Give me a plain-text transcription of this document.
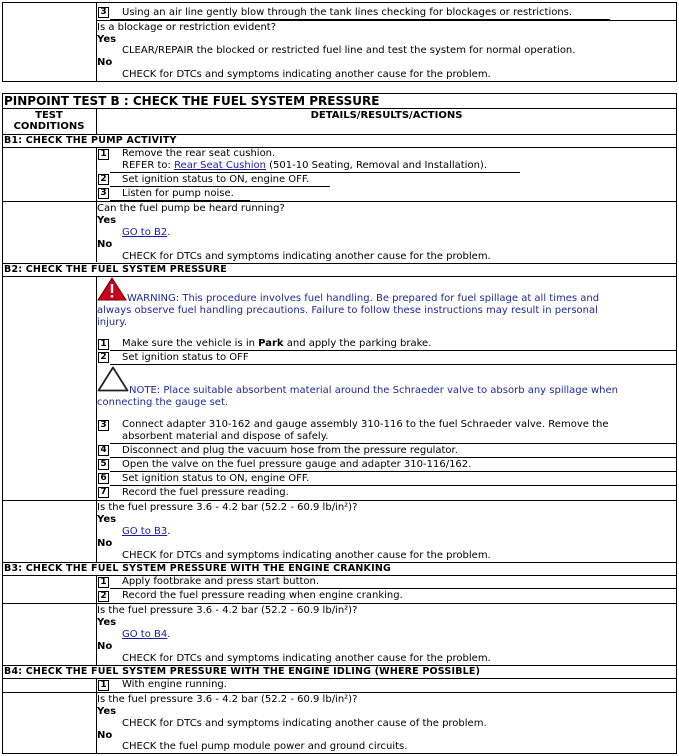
3 Using an air line gently blow through the tank lines checking for blockages or restrictions.
Is a blockage or restriction evident?
Yes
CLEAR/REPAIR the blocked or restricted fuel line and test the system for normal operation.
No
CHECK for DTCs and symptoms indicating another cause for the problem.
PINPOINT TEST B : CHECK THE FUEL SYSTEM PRESSURE
TEST
CONDITIONS
DETAILS/RESULTS/ACTIONS
B1: CHECK THE PUMP ACTIVITY
1 Remove the rear seat cushion.
REFER to: Rear Seat Cushion (501-10 Seating, Removal and Installation).
2 Set ignition status to ON, engine OFF.
3 Listen for pump noise.
Can the fuel pump be heard running?
Yes
GO to B2.
No
CHECK for DTCs and symptoms indicating another cause for the problem.
B2: CHECK THE FUEL SYSTEM PRESSURE
WARNING: This procedure involves fuel handling. Be prepared for fuel spillage at all times and
always observe fuel handling precautions. Failure to follow these instructions may result in personal
injury.
1 Make sure the vehicle is in Park and apply the parking brake.
2 Set ignition status to OFF
NOTE: Place suitable absorbent material around the Schraeder valve to absorb any spillage when
connecting the gauge set.
3 Connect adapter 310-162 and gauge assembly 310-116 to the fuel Schraeder valve. Remove the
absorbent material and dispose of safely.
4 Disconnect and plug the vacuum hose from the pressure regulator.
5 Open the valve on the fuel pressure gauge and adapter 310-116/162.
6 Set ignition status to ON, engine OFF.
7 Record the fuel pressure reading.
Is the fuel pressure 3.6 - 4.2 bar (52.2 - 60.9 lb/in²)?
Yes
GO to B3.
No
CHECK for DTCs and symptoms indicating another cause for the problem.
B3: CHECK THE FUEL SYSTEM PRESSURE WITH THE ENGINE CRANKING
1 Apply footbrake and press start button.
2 Record the fuel pressure reading when engine cranking.
Is the fuel pressure 3.6 - 4.2 bar (52.2 - 60.9 lb/in²)?
Yes
GO to B4.
No
CHECK for DTCs and symptoms indicating another cause for the problem.
B4: CHECK THE FUEL SYSTEM PRESSURE WITH THE ENGINE IDLING (WHERE POSSIBLE)
1 With engine running.
Is the fuel pressure 3.6 - 4.2 bar (52.2 - 60.9 lb/in²)?
Yes
CHECK for DTCs and symptoms indicating another cause of the problem.
No
CHECK the fuel pump module power and ground circuits.
